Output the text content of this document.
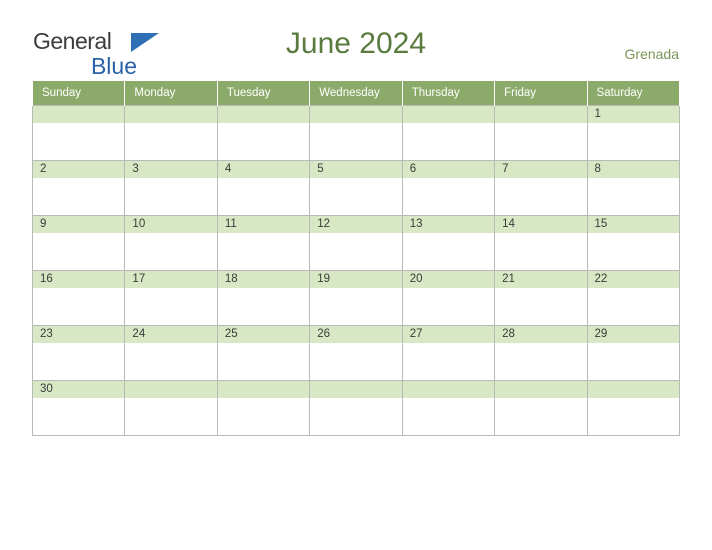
General
Blue
June 2024	Grenada
Sunday	Monday	Tuesday	Wednesday	Thursday	Friday	Saturday

						1

2	3	4	5	6	7	8

9	10	11	12	13	14	15

16	17	18	19	20	21	22

23	24	25	26	27	28	29

30						
